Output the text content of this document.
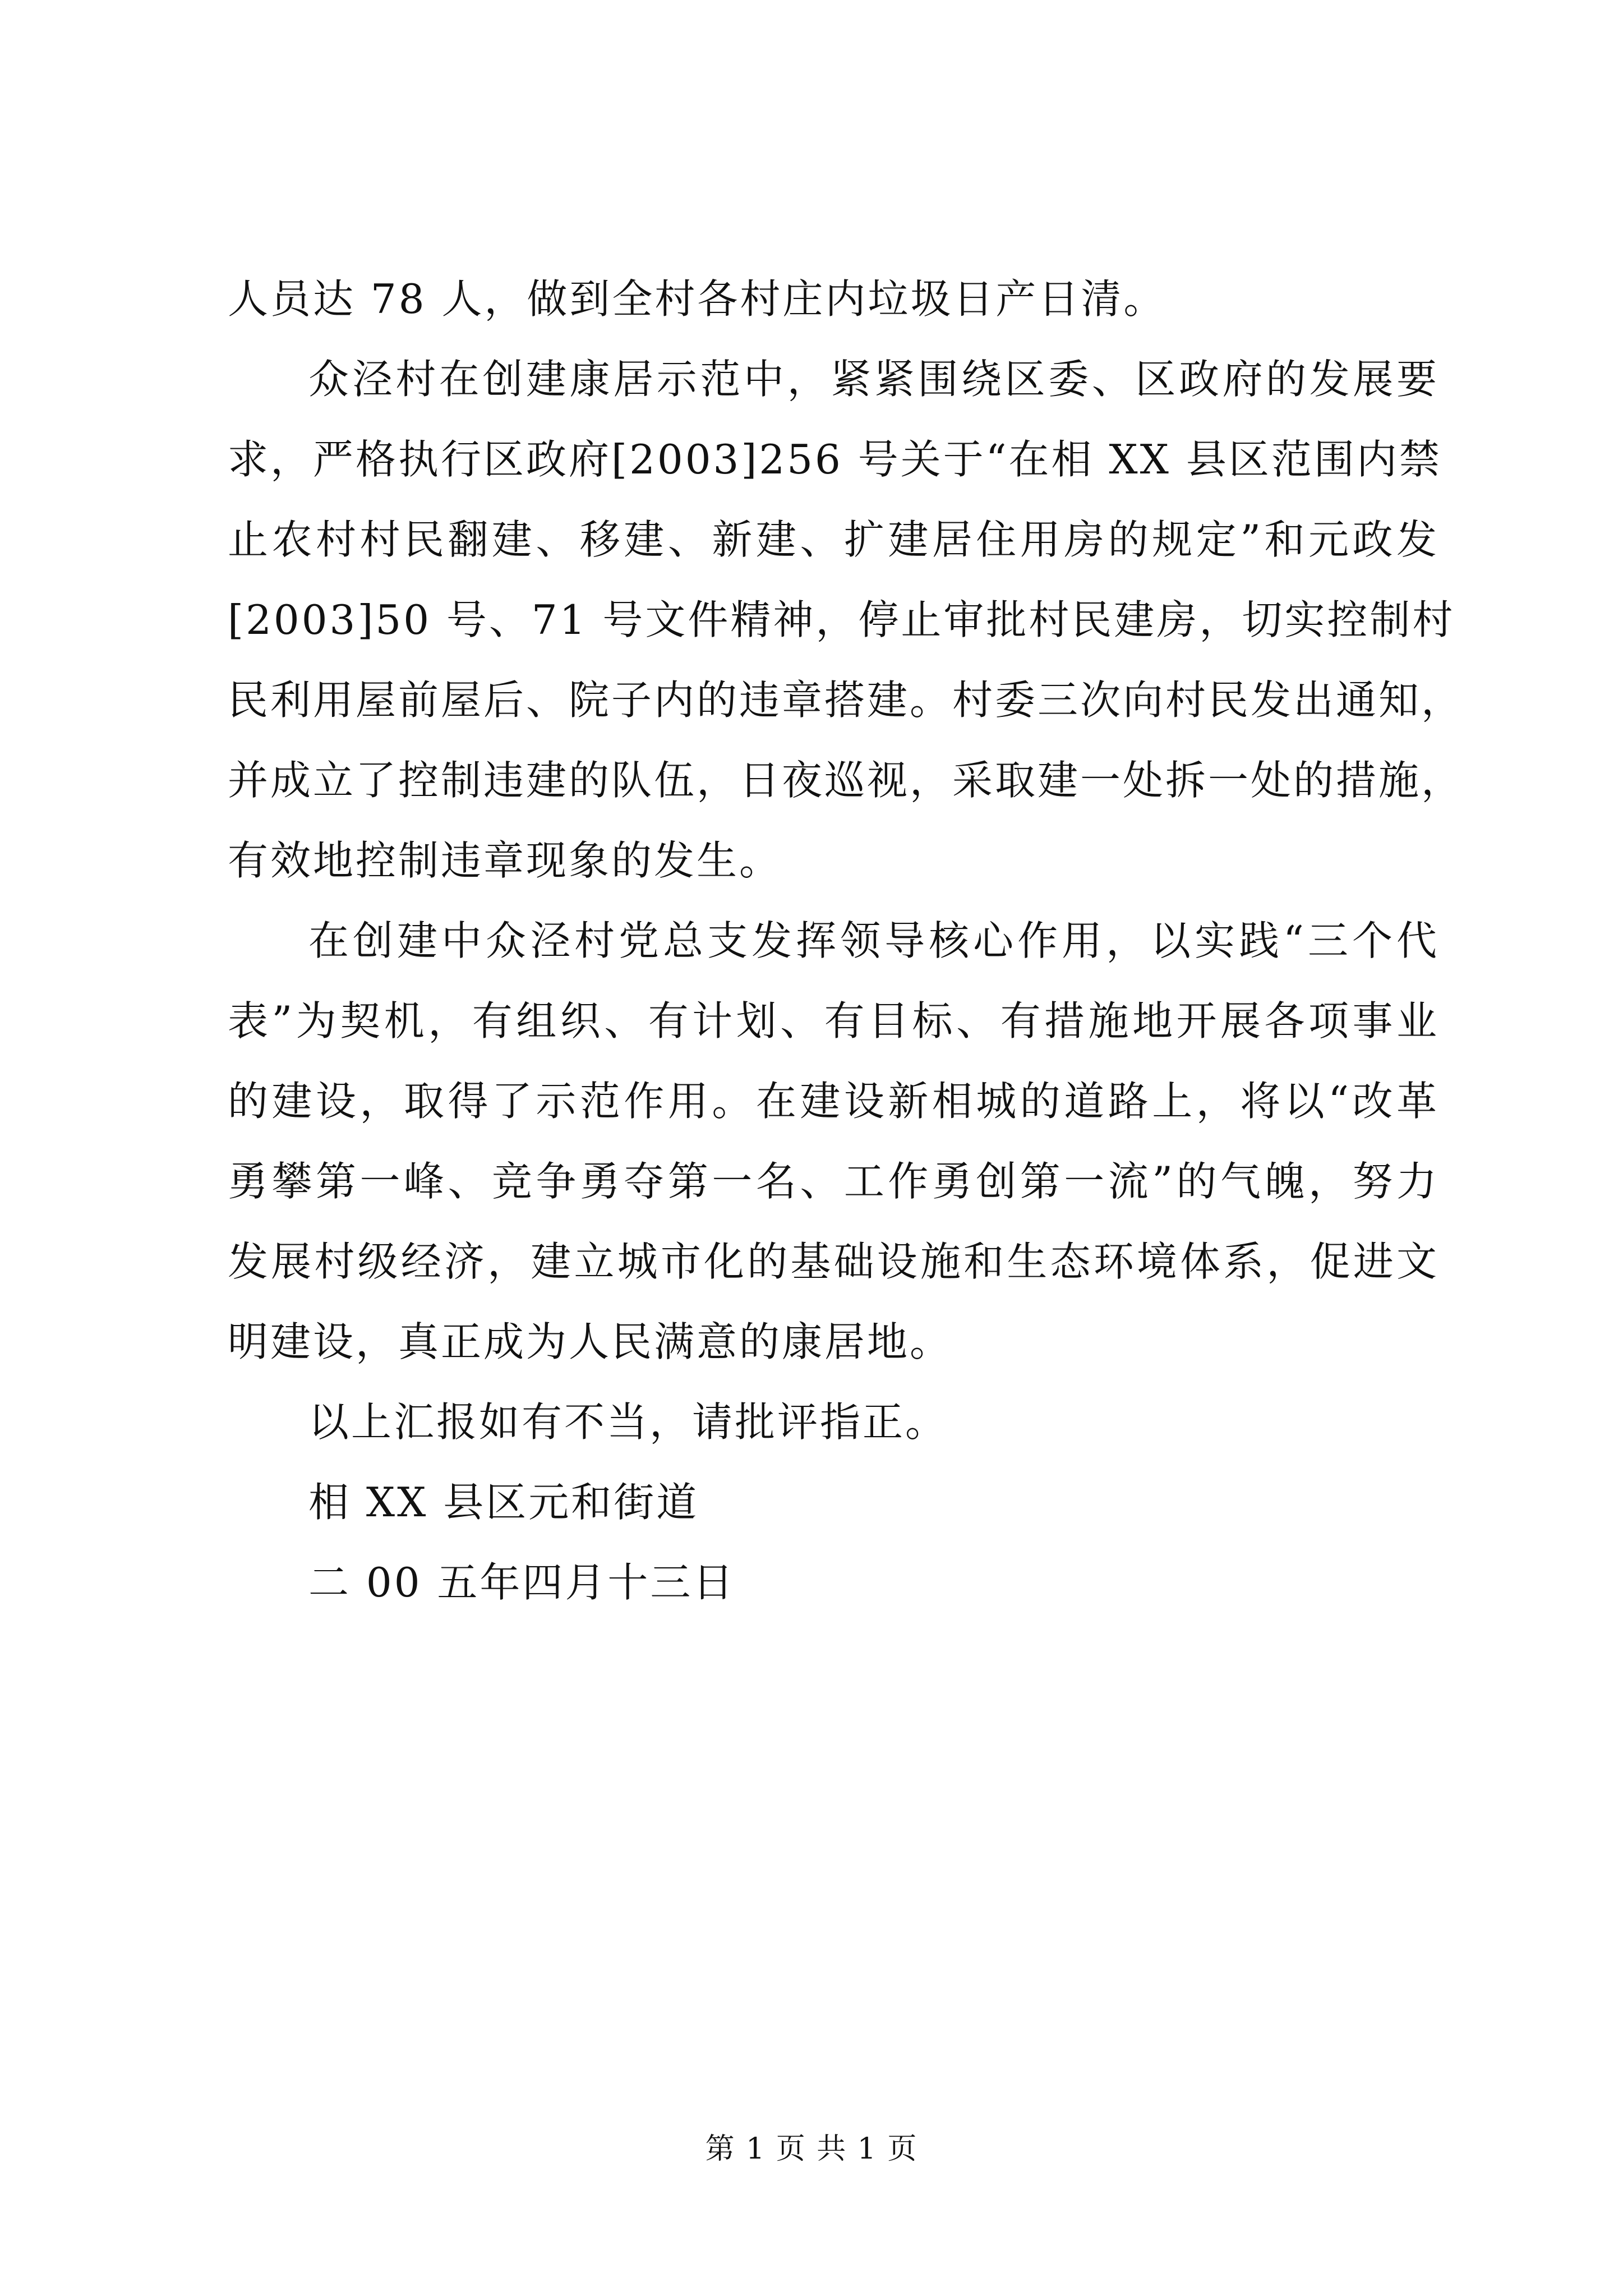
人员达 78 人，做到全村各村庄内垃圾日产日清。
众泾村在创建康居示范中，紧紧围绕区委、区政府的发展要
求，严格执行区政府[2003]256 号关于“在相 XX 县区范围内禁
止农村村民翻建、移建、新建、扩建居住用房的规定”和元政发
[2003]50 号、71 号文件精神，停止审批村民建房，切实控制村
民利用屋前屋后、院子内的违章搭建。村委三次向村民发出通知，
并成立了控制违建的队伍，日夜巡视，采取建一处拆一处的措施，
有效地控制违章现象的发生。
在创建中众泾村党总支发挥领导核心作用，以实践“三个代
表”为契机，有组织、有计划、有目标、有措施地开展各项事业
的建设，取得了示范作用。在建设新相城的道路上，将以“改革
勇攀第一峰、竞争勇夺第一名、工作勇创第一流”的气魄，努力
发展村级经济，建立城市化的基础设施和生态环境体系，促进文
明建设，真正成为人民满意的康居地。
以上汇报如有不当，请批评指正。
相 XX 县区元和街道
二 00 五年四月十三日
第 1 页 共 1 页
